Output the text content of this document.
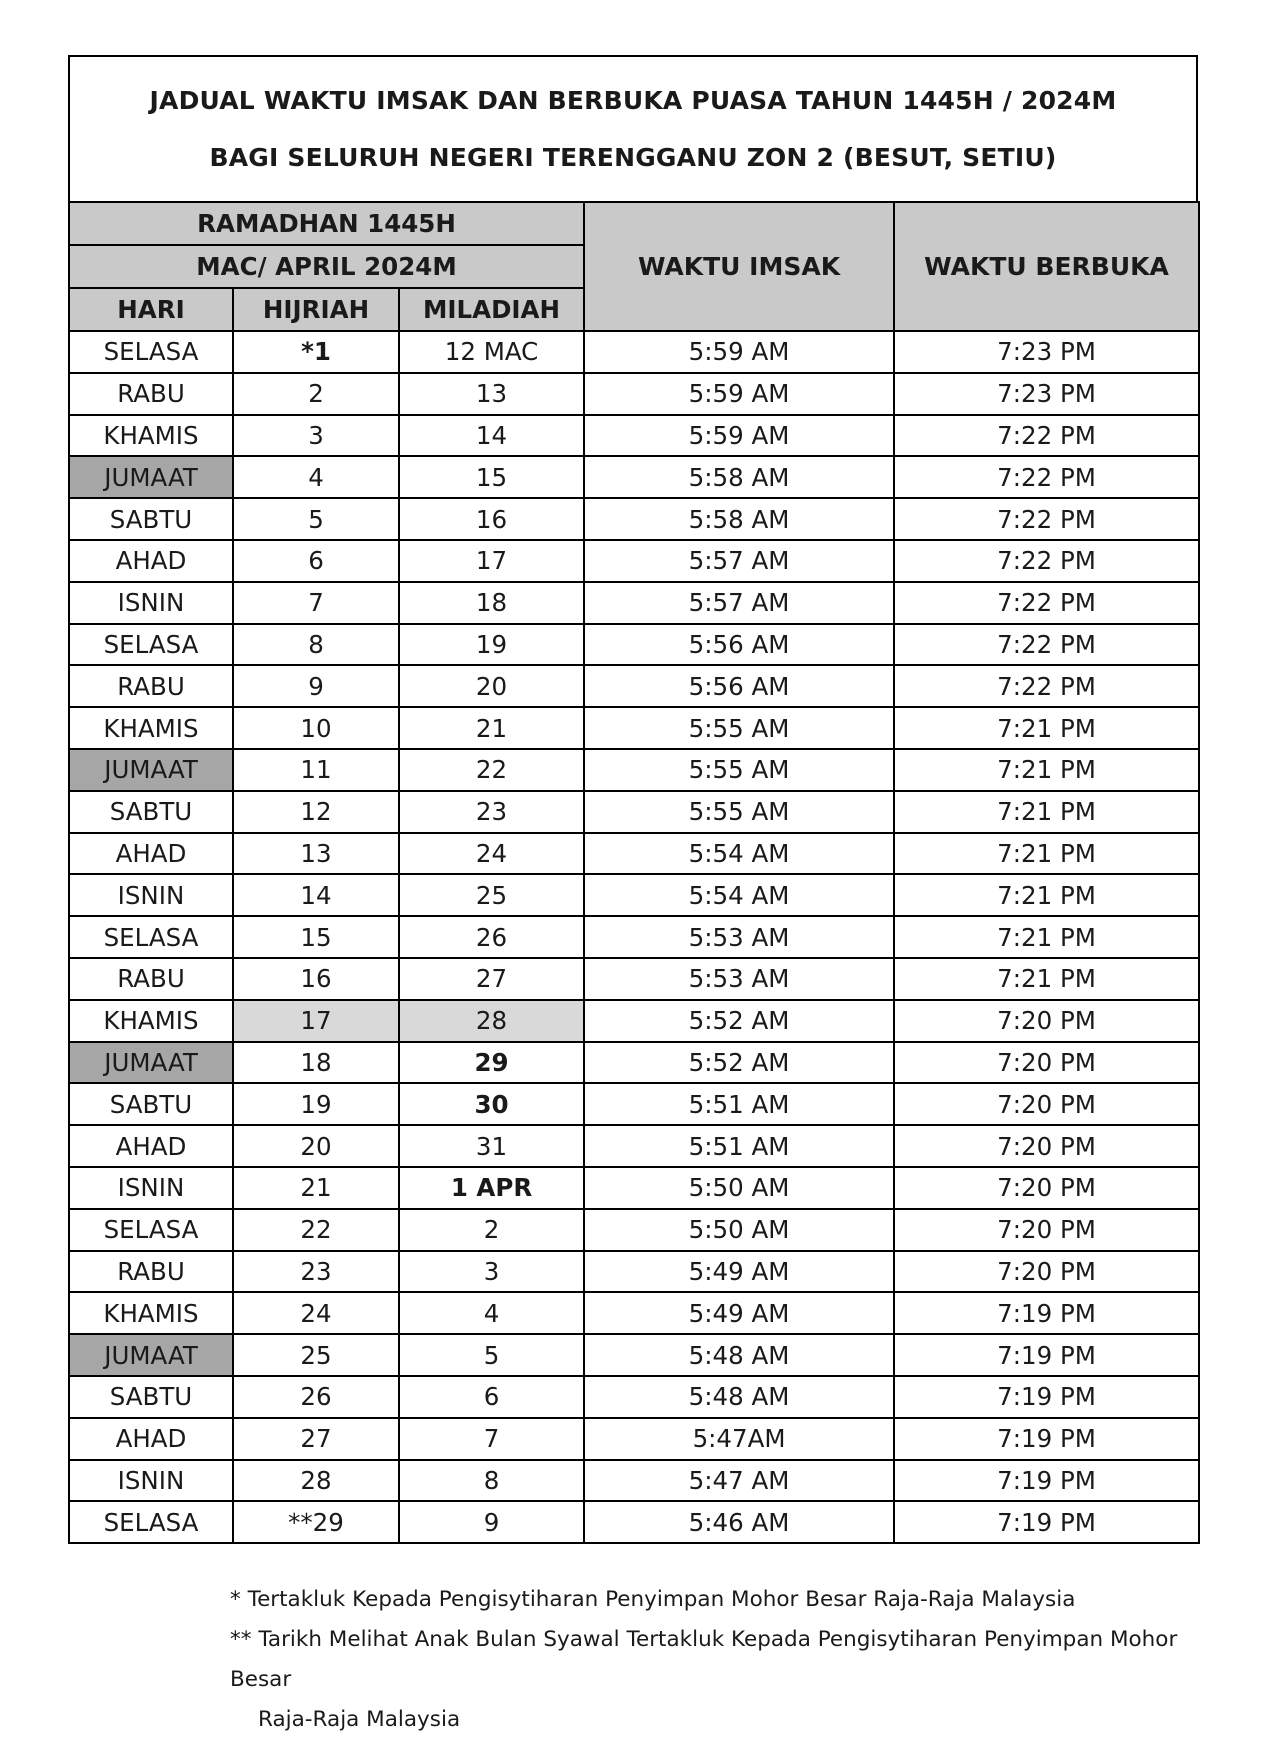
JADUAL WAKTU IMSAK DAN BERBUKA PUASA TAHUN 1445H / 2024M
BAGI SELURUH NEGERI TERENGGANU ZON 2 (BESUT, SETIU)
RAMADHAN 1445H			WAKTU IMSAK	WAKTU BERBUKA
MAC/ APRIL 2024M				
HARI	HIJRIAH	MILADIAH		
SELASA	*1	12 MAC	5:59 AM	7:23 PM
RABU	2	13	5:59 AM	7:23 PM
KHAMIS	3	14	5:59 AM	7:22 PM
JUMAAT	4	15	5:58 AM	7:22 PM
SABTU	5	16	5:58 AM	7:22 PM
AHAD	6	17	5:57 AM	7:22 PM
ISNIN	7	18	5:57 AM	7:22 PM
SELASA	8	19	5:56 AM	7:22 PM
RABU	9	20	5:56 AM	7:22 PM
KHAMIS	10	21	5:55 AM	7:21 PM
JUMAAT	11	22	5:55 AM	7:21 PM
SABTU	12	23	5:55 AM	7:21 PM
AHAD	13	24	5:54 AM	7:21 PM
ISNIN	14	25	5:54 AM	7:21 PM
SELASA	15	26	5:53 AM	7:21 PM
RABU	16	27	5:53 AM	7:21 PM
KHAMIS	17	28	5:52 AM	7:20 PM
JUMAAT	18	29	5:52 AM	7:20 PM
SABTU	19	30	5:51 AM	7:20 PM
AHAD	20	31	5:51 AM	7:20 PM
ISNIN	21	1 APR	5:50 AM	7:20 PM
SELASA	22	2	5:50 AM	7:20 PM
RABU	23	3	5:49 AM	7:20 PM
KHAMIS	24	4	5:49 AM	7:19 PM
JUMAAT	25	5	5:48 AM	7:19 PM
SABTU	26	6	5:48 AM	7:19 PM
AHAD	27	7	5:47AM	7:19 PM
ISNIN	28	8	5:47 AM	7:19 PM
SELASA	**29	9	5:46 AM	7:19 PM
* Tertakluk Kepada Pengisytiharan Penyimpan Mohor Besar Raja-Raja Malaysia
** Tarikh Melihat Anak Bulan Syawal Tertakluk Kepada Pengisytiharan Penyimpan Mohor Besar
Raja-Raja Malaysia
